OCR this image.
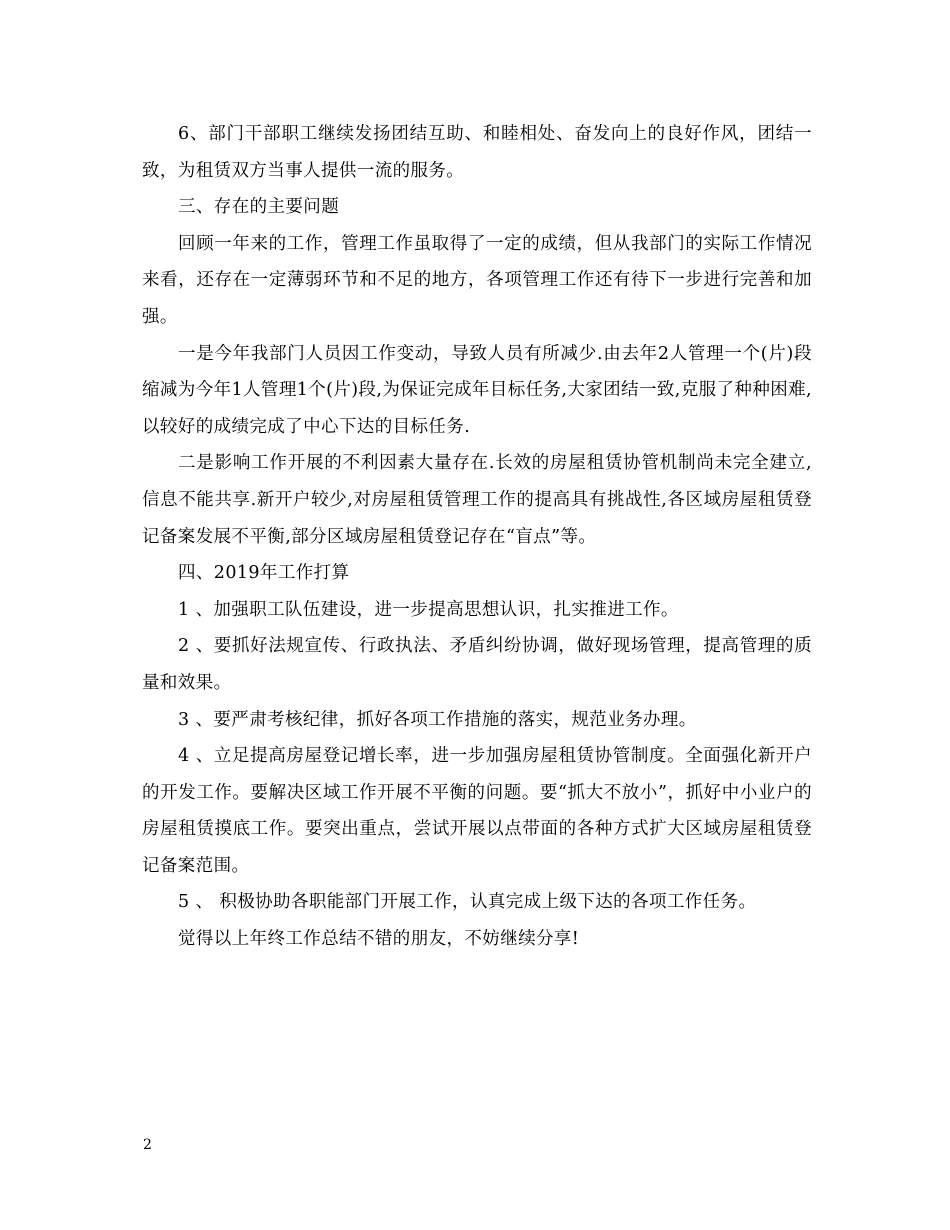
6、部门干部职工继续发扬团结互助、和睦相处、奋发向上的良好作风，团结一致，为租赁双方当事人提供一流的服务。

三、存在的主要问题

回顾一年来的工作，管理工作虽取得了一定的成绩，但从我部门的实际工作情况来看，还存在一定薄弱环节和不足的地方，各项管理工作还有待下一步进行完善和加强。

一是今年我部门人员因工作变动，导致人员有所减少.由去年2人管理一个(片)段缩减为今年1人管理1个(片)段,为保证完成年目标任务,大家团结一致,克服了种种困难,以较好的成绩完成了中心下达的目标任务.

二是影响工作开展的不利因素大量存在.长效的房屋租赁协管机制尚未完全建立,信息不能共享.新开户较少,对房屋租赁管理工作的提高具有挑战性,各区域房屋租赁登记备案发展不平衡,部分区域房屋租赁登记存在“盲点”等。

四、2019年工作打算

1 、加强职工队伍建设，进一步提高思想认识，扎实推进工作。

2 、要抓好法规宣传、行政执法、矛盾纠纷协调，做好现场管理，提高管理的质量和效果。

3 、要严肃考核纪律，抓好各项工作措施的落实，规范业务办理。

4 、立足提高房屋登记增长率，进一步加强房屋租赁协管制度。全面强化新开户的开发工作。要解决区域工作开展不平衡的问题。要“抓大不放小”，抓好中小业户的房屋租赁摸底工作。要突出重点，尝试开展以点带面的各种方式扩大区域房屋租赁登记备案范围。

5 、 积极协助各职能部门开展工作，认真完成上级下达的各项工作任务。

觉得以上年终工作总结不错的朋友，不妨继续分享!

2
